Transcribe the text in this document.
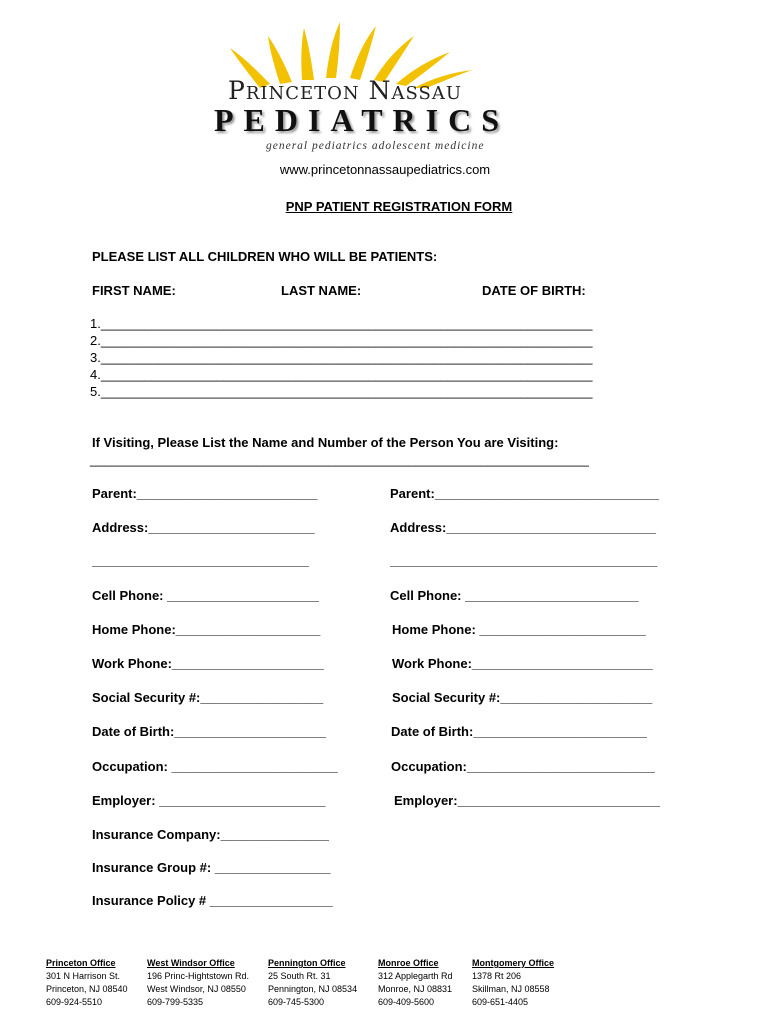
Princeton Nassau
PEDIATRICS
general pediatrics adolescent medicine
www.princetonnassaupediatrics.com
PNP PATIENT REGISTRATION FORM
PLEASE LIST ALL CHILDREN WHO WILL BE PATIENTS:
FIRST NAME:	LAST NAME:	DATE OF BIRTH:
1.____________________________________________________________________
2.____________________________________________________________________
3.____________________________________________________________________
4.____________________________________________________________________
5.____________________________________________________________________
If Visiting, Please List the Name and Number of the Person You are Visiting:
_____________________________________________________________________
Parent:_________________________
Address:_______________________
______________________________
Cell Phone: _____________________
Home Phone:____________________
Work Phone:_____________________
Social Security #:_________________
Date of Birth:_____________________
Occupation: _______________________
Employer: _______________________
Parent:_______________________________
Address:_____________________________
_____________________________________
Cell Phone: ________________________
Home Phone: _______________________
Work Phone:_________________________
Social Security #:_____________________
Date of Birth:________________________
Occupation:__________________________
Employer:____________________________
Insurance Company:_______________
Insurance Group #: ________________
Insurance Policy # _________________
Princeton Office
301 N Harrison St.
Princeton, NJ 08540
609-924-5510
West Windsor Office
196 Princ-Hightstown Rd.
West Windsor, NJ 08550
609-799-5335
Pennington Office
25 South Rt. 31
Pennington, NJ 08534
609-745-5300
Monroe Office
312 Applegarth Rd
Monroe, NJ 08831
609-409-5600
Montgomery Office
1378 Rt 206
Skillman, NJ 08558
609-651-4405
